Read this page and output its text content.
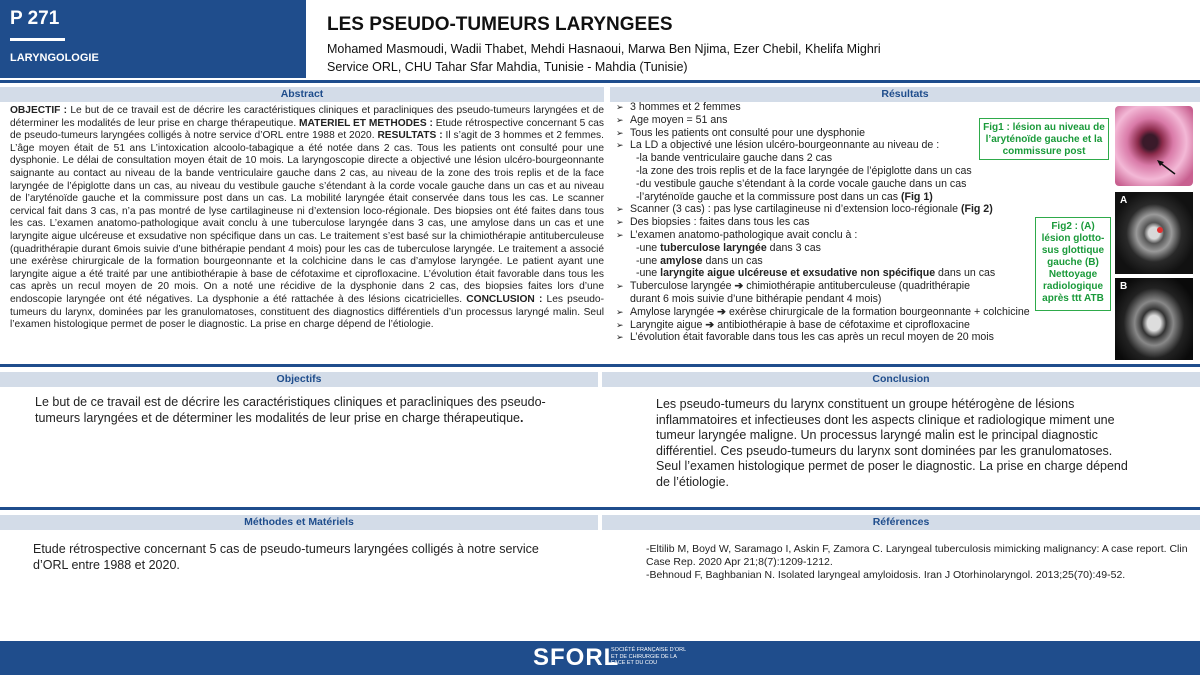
P 271
LARYNGOLOGIE
LES PSEUDO-TUMEURS LARYNGEES
Mohamed Masmoudi, Wadii Thabet, Mehdi Hasnaoui, Marwa Ben Njima, Ezer Chebil, Khelifa Mighri
Service ORL, CHU Tahar Sfar Mahdia, Tunisie - Mahdia (Tunisie)
Abstract
OBJECTIF : Le but de ce travail est de décrire les caractéristiques cliniques et paracliniques des pseudo-tumeurs laryngées et de déterminer les modalités de leur prise en charge thérapeutique. MATERIEL ET METHODES : Etude rétrospective concernant 5 cas de pseudo-tumeurs laryngées colligés à notre service d’ORL entre 1988 et 2020. RESULTATS : Il s’agit de 3 hommes et 2 femmes. L’âge moyen était de 51 ans L’intoxication alcoolo-tabagique a été notée dans 2 cas. Tous les patients ont consulté pour une dysphonie. Le délai de consultation moyen était de 10 mois. La laryngoscopie directe a objectivé une lésion ulcéro-bourgeonnante saignante au contact au niveau de la bande ventriculaire gauche dans 2 cas, au niveau de la zone des trois replis et de la face laryngée de l’épiglotte dans un cas, au niveau du vestibule gauche s’étendant à la corde vocale gauche dans un cas et au niveau de l’aryténoïde gauche et la commissure post dans un cas. La mobilité laryngée était conservée dans tous les cas. Le scanner cervical fait dans 3 cas, n’a pas montré de lyse cartilagineuse ni d’extension loco-régionale. Des biopsies ont été faites dans tous les cas. L’examen anatomo-pathologique avait conclu à une tuberculose laryngée dans 3 cas, une amylose dans un cas et une laryngite aigue ulcéreuse et exsudative non spécifique dans un cas. Le traitement s’est basé sur la chimiothérapie antituberculeuse (quadrithérapie durant 6mois suivie d’une bithérapie pendant 4 mois) pour les cas de tuberculose laryngée. Le traitement a associé une exérèse chirurgicale de la formation bourgeonnante et la colchicine dans le cas d’amylose laryngée. Le patient ayant une laryngite aigue a été traité par une antibiothérapie à base de céfotaxime et ciprofloxacine. L’évolution était favorable dans tous les cas après un recul moyen de 20 mois. On a noté une récidive de la dysphonie dans 2 cas, des biopsies faites lors d’une endoscopie laryngée ont été négatives. La dysphonie a été rattachée à des lésions cicatricielles. CONCLUSION : Les pseudo-tumeurs du larynx, dominées par les granulomatoses, constituent des diagnostics différentiels d’un processus laryngé malin. Seul l’examen histologique permet de poser le diagnostic. La prise en charge dépend de l’étiologie.
Résultats
➢ 3 hommes et 2 femmes
➢ Age moyen = 51 ans
➢ Tous les patients ont consulté pour une dysphonie
➢ La LD a objectivé une lésion ulcéro-bourgeonnante au niveau de :
-la bande ventriculaire gauche dans 2 cas
-la zone des trois replis et de la face laryngée de l’épiglotte dans un cas
-du vestibule gauche s’étendant à la corde vocale gauche dans un cas
-l’aryténoïde gauche et la commissure post dans un cas (Fig 1)
➢ Scanner (3 cas) : pas lyse cartilagineuse ni d’extension loco-régionale (Fig 2)
➢ Des biopsies : faites dans tous les cas
➢ L’examen anatomo-pathologique avait conclu à :
-une tuberculose laryngée dans 3 cas
-une amylose dans un cas
-une laryngite aigue ulcéreuse et exsudative non spécifique dans un cas
➢ Tuberculose laryngée ➔ chimiothérapie antituberculeuse (quadrithérapie
durant 6 mois suivie d’une bithérapie pendant 4 mois)
➢ Amylose laryngée ➔ exérèse chirurgicale de la formation bourgeonnante + colchicine
➢ Laryngite aigue ➔ antibiothérapie à base de céfotaxime et ciprofloxacine
➢ L’évolution était favorable dans tous les cas après un recul moyen de 20 mois
Fig1 : lésion au niveau de l’aryténoïde gauche et la commissure post
Fig2 : (A) lésion glotto-sus glottique gauche (B) Nettoyage radiologique après ttt ATB
A
B
Objectifs	Conclusion
Le but de ce travail est de décrire les caractéristiques cliniques et paracliniques des pseudo-tumeurs laryngées et de déterminer les modalités de leur prise en charge thérapeutique.
Les pseudo-tumeurs du larynx constituent un groupe hétérogène de lésions inflammatoires et infectieuses dont les aspects clinique et radiologique miment une tumeur laryngée maligne. Un processus laryngé malin est le principal diagnostic différentiel. Ces pseudo-tumeurs du larynx sont dominées par les granulomatoses. Seul l’examen histologique permet de poser le diagnostic. La prise en charge dépend de l’étiologie.
Méthodes et Matériels	Références
Etude rétrospective concernant 5 cas de pseudo-tumeurs laryngées colligés à notre service d’ORL entre 1988 et 2020.
-Eltilib M, Boyd W, Saramago I, Askin F, Zamora C. Laryngeal tuberculosis mimicking malignancy: A case report. Clin Case Rep. 2020 Apr 21;8(7):1209-1212.
-Behnoud F, Baghbanian N. Isolated laryngeal amyloidosis. Iran J Otorhinolaryngol. 2013;25(70):49-52.
SFORL
SOCIÉTÉ FRANÇAISE D’ORL ET DE CHIRURGIE DE LA FACE ET DU COU
